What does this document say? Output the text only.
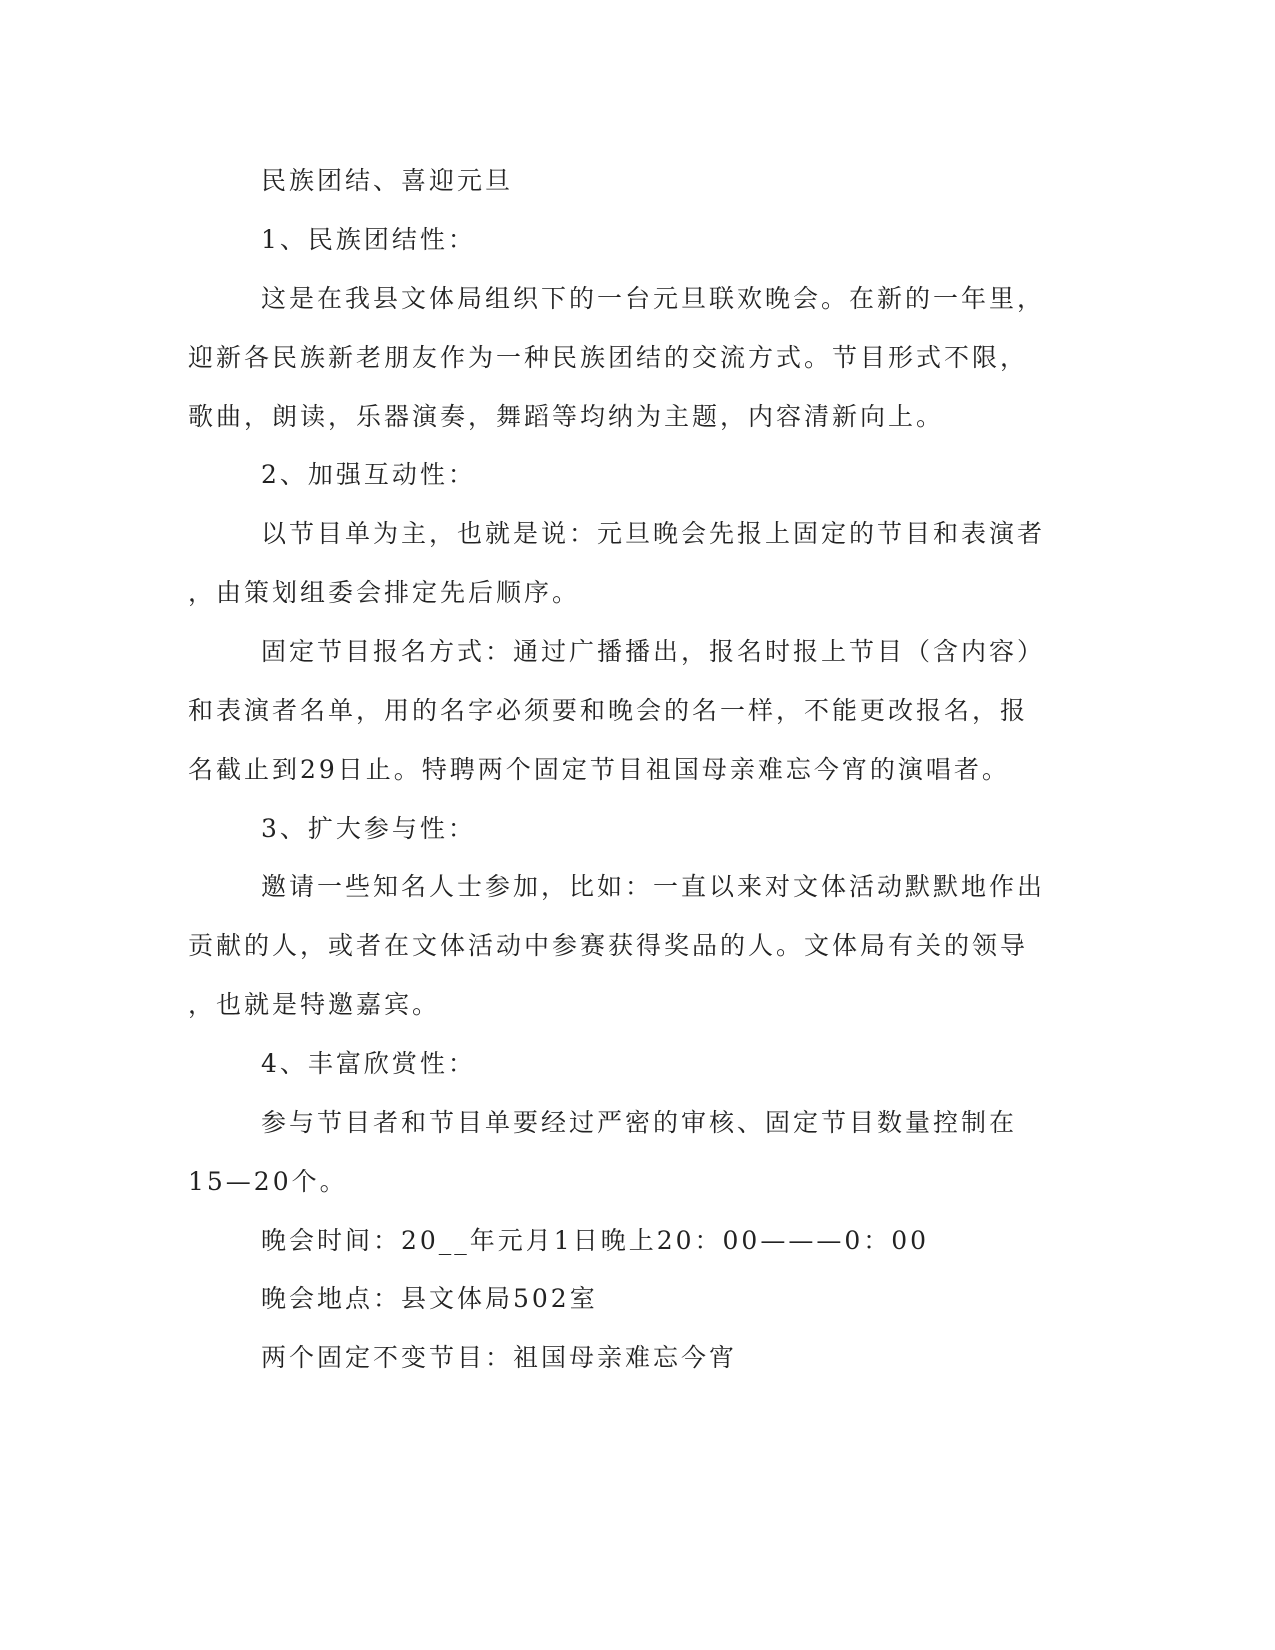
民族团结、喜迎元旦
1、民族团结性：
这是在我县文体局组织下的一台元旦联欢晚会。在新的一年里，
迎新各民族新老朋友作为一种民族团结的交流方式。节目形式不限，
歌曲，朗读，乐器演奏，舞蹈等均纳为主题，内容清新向上。
2、加强互动性：
以节目单为主，也就是说：元旦晚会先报上固定的节目和表演者
，由策划组委会排定先后顺序。
固定节目报名方式：通过广播播出，报名时报上节目（含内容）
和表演者名单，用的名字必须要和晚会的名一样，不能更改报名，报
名截止到29日止。特聘两个固定节目祖国母亲难忘今宵的演唱者。
3、扩大参与性：
邀请一些知名人士参加，比如：一直以来对文体活动默默地作出
贡献的人，或者在文体活动中参赛获得奖品的人。文体局有关的领导
，也就是特邀嘉宾。
4、丰富欣赏性：
参与节目者和节目单要经过严密的审核、固定节目数量控制在
15—20个。
晚会时间：20__年元月1日晚上20：00———0：00
晚会地点：县文体局502室
两个固定不变节目：祖国母亲难忘今宵
